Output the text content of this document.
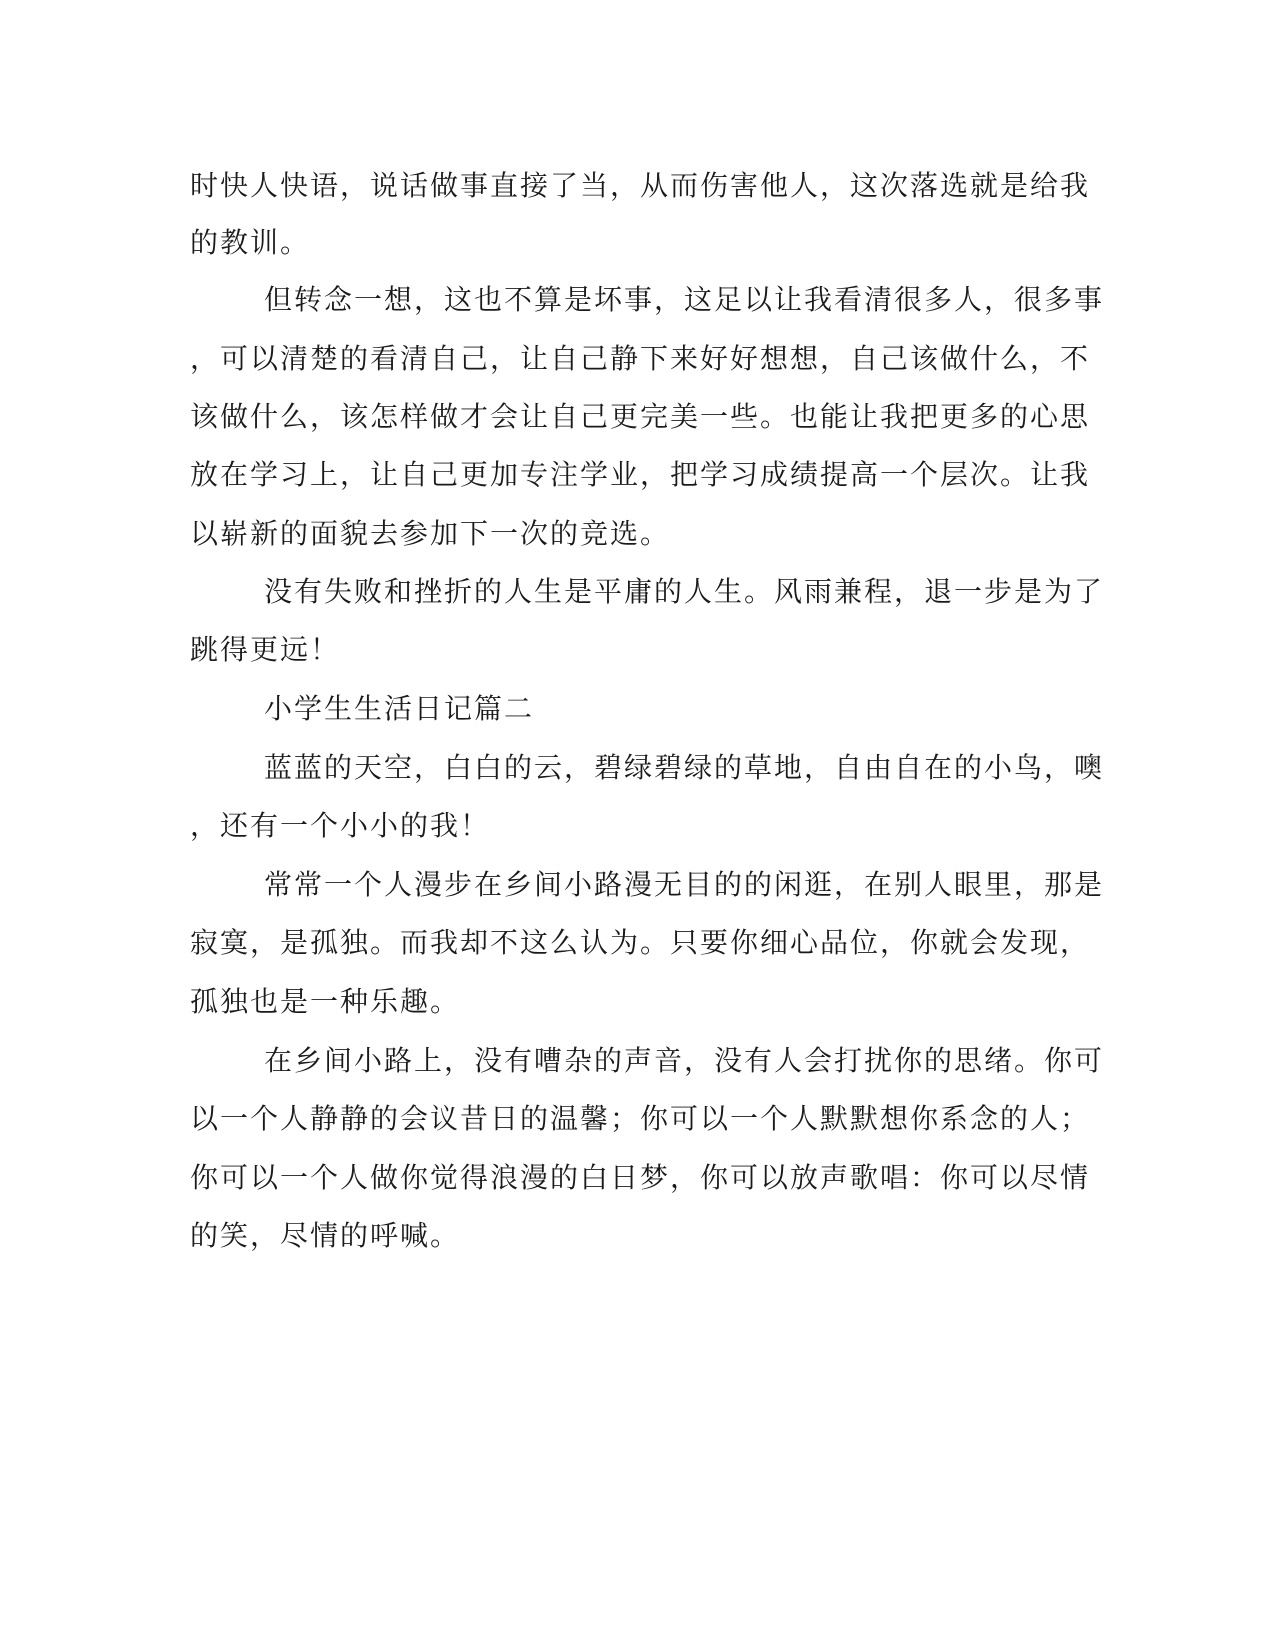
时快人快语，说话做事直接了当，从而伤害他人，这次落选就是给我
的教训。
但转念一想，这也不算是坏事，这足以让我看清很多人，很多事
，可以清楚的看清自己，让自己静下来好好想想，自己该做什么，不
该做什么，该怎样做才会让自己更完美一些。也能让我把更多的心思
放在学习上，让自己更加专注学业，把学习成绩提高一个层次。让我
以崭新的面貌去参加下一次的竞选。
没有失败和挫折的人生是平庸的人生。风雨兼程，退一步是为了
跳得更远！
小学生生活日记篇二
蓝蓝的天空，白白的云，碧绿碧绿的草地，自由自在的小鸟，噢
，还有一个小小的我！
常常一个人漫步在乡间小路漫无目的的闲逛，在别人眼里，那是
寂寞，是孤独。而我却不这么认为。只要你细心品位，你就会发现，
孤独也是一种乐趣。
在乡间小路上，没有嘈杂的声音，没有人会打扰你的思绪。你可
以一个人静静的会议昔日的温馨；你可以一个人默默想你系念的人；
你可以一个人做你觉得浪漫的白日梦，你可以放声歌唱：你可以尽情
的笑，尽情的呼喊。
